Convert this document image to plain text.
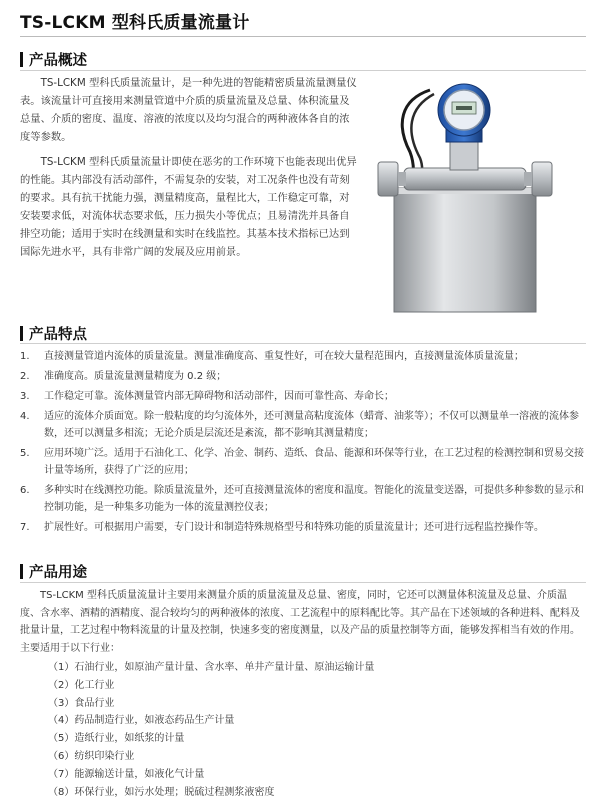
TS-LCKM 型科氏质量流量计
产品概述

TS-LCKM 型科氏质量流量计，是一种先进的智能精密质量流量测量仪表。该流量计可直接用来测量管道中介质的质量流量及总量、体积流量及总量、介质的密度、温度、溶液的浓度以及均匀混合的两种液体各自的浓度等参数。

TS-LCKM 型科氏质量流量计即使在恶劣的工作环境下也能表现出优异的性能。其内部没有活动部件，不需复杂的安装，对工况条件也没有苛刻的要求。具有抗干扰能力强，测量精度高，量程比大，工作稳定可靠，对安装要求低，对流体状态要求低，压力损失小等优点；且易清洗并具备自排空功能；适用于实时在线测量和实时在线监控。其基本技术指标已达到国际先进水平，具有非常广阔的发展及应用前景。

产品特点
1. 直接测量管道内流体的质量流量。测量准确度高、重复性好，可在较大量程范围内，直接测量流体质量流量；
2. 准确度高。质量流量测量精度为 0.2 级；
3. 工作稳定可靠。流体测量管内部无障碍物和活动部件，因而可靠性高、寿命长；
4. 适应的流体介质面宽。除一般粘度的均匀流体外，还可测量高粘度流体（蜡膏、油浆等）；不仅可以测量单一溶液的流体参数，还可以测量多相流；无论介质是层流还是紊流，都不影响其测量精度；
5. 应用环境广泛。适用于石油化工、化学、冶金、制药、造纸、食品、能源和环保等行业，在工艺过程的检测控制和贸易交接计量等场所，获得了广泛的应用；
6. 多种实时在线测控功能。除质量流量外，还可直接测量流体的密度和温度。智能化的流量变送器，可提供多种参数的显示和控制功能，是一种集多功能为一体的流量测控仪表；
7. 扩展性好。可根据用户需要，专门设计和制造特殊规格型号和特殊功能的质量流量计；还可进行远程监控操作等。
产品用途

TS-LCKM 型科氏质量流量计主要用来测量介质的质量流量及总量、密度，同时，它还可以测量体积流量及总量、介质温度、含水率、酒精的酒精度、混合较均匀的两种液体的浓度、工艺流程中的原料配比等。其产品在下述领域的各种进料、配料及批量计量，工艺过程中物料流量的计量及控制，快速多变的密度测量，以及产品的质量控制等方面，能够发挥相当有效的作用。主要适用于以下行业：

（1）石油行业，如原油产量计量、含水率、单井产量计量、原油运输计量
（2）化工行业
（3）食品行业
（4）药品制造行业，如液态药品生产计量
（5）造纸行业，如纸浆的计量
（6）纺织印染行业
（7）能源输送计量，如液化气计量
（8）环保行业，如污水处理；脱硫过程测浆液密度
